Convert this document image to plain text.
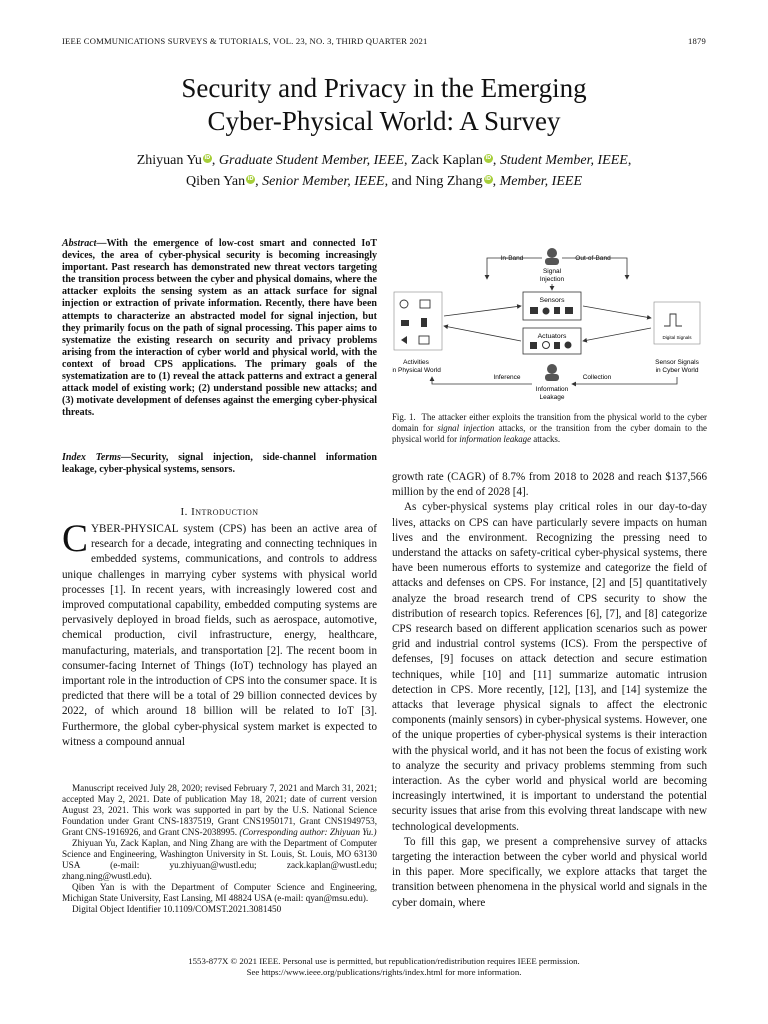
IEEE COMMUNICATIONS SURVEYS & TUTORIALS, VOL. 23, NO. 3, THIRD QUARTER 2021	1879
Security and Privacy in the Emerging
Cyber-Physical World: A Survey
Zhiyuan Yu iD , Graduate Student Member, IEEE, Zack Kaplan iD , Student Member, IEEE,
Qiben Yan iD , Senior Member, IEEE, and Ning Zhang iD , Member, IEEE
Abstract—With the emergence of low-cost smart and connected IoT devices, the area of cyber-physical security is becoming increasingly important. Past research has demonstrated new threat vectors targeting the transition process between the cyber and physical domains, where the attacker exploits the sensing system as an attack surface for signal injection or extraction of private information. Recently, there have been attempts to characterize an abstracted model for signal injection, but they primarily focus on the path of signal processing. This paper aims to systematize the existing research on security and privacy problems arising from the interaction of cyber world and physical world, with the context of broad CPS applications. The primary goals of the systematization are to (1) reveal the attack patterns and extract a general attack model of existing work; (2) understand possible new attacks; and (3) motivate development of defenses against the emerging cyber-physical threats.
Index Terms—Security, signal injection, side-channel information leakage, cyber-physical systems, sensors.
I. Introduction

CYBER-PHYSICAL system (CPS) has been an active area of research for a decade, integrating and connecting techniques in embedded systems, communications, and controls to address unique challenges in marrying cyber systems with physical world processes [1]. In recent years, with increasingly lowered cost and improved computational capability, embedded computing systems are pervasively deployed in broad fields, such as aerospace, automotive, chemical production, civil infrastructure, energy, healthcare, manufacturing, materials, and transportation [2]. The recent boom in consumer-facing Internet of Things (IoT) technology has played an important role in the introduction of CPS into the consumer space. It is predicted that there will be a total of 29 billion connected devices by 2022, of which around 18 billion will be related to IoT [3]. Furthermore, the global cyber-physical system market is expected to witness a compound annual

Manuscript received July 28, 2020; revised February 7, 2021 and March 31, 2021; accepted May 2, 2021. Date of publication May 18, 2021; date of current version August 23, 2021. This work was supported in part by the U.S. National Science Foundation under Grant CNS-1837519, Grant CNS1950171, Grant CNS1949753, Grant CNS-1916926, and Grant CNS-2038995. (Corresponding author: Zhiyuan Yu.)

Zhiyuan Yu, Zack Kaplan, and Ning Zhang are with the Department of Computer Science and Engineering, Washington University in St. Louis, St. Louis, MO 63130 USA (e-mail: yu.zhiyuan@wustl.edu; zack.kaplan@wustl.edu; zhang.ning@wustl.edu).

Qiben Yan is with the Department of Computer Science and Engineering, Michigan State University, East Lansing, MI 48824 USA (e-mail: qyan@msu.edu).

Digital Object Identifier 10.1109/COMST.2021.3081450

In-Band	Out-of-Band
Signal
Injection
Activities
in Physical World
Sensors
Actuators	Digital Signals
Sensor Signals
in Cyber World
Inference	Collection
Information
Leakage
Fig. 1. The attacker either exploits the transition from the physical world to the cyber domain for signal injection attacks, or the transition from the cyber domain to the physical world for information leakage attacks.

growth rate (CAGR) of 8.7% from 2018 to 2028 and reach $137,566 million by the end of 2028 [4].

As cyber-physical systems play critical roles in our day-to-day lives, attacks on CPS can have particularly severe impacts on human lives and the environment. Recognizing the pressing need to understand the attacks on safety-critical cyber-physical systems, there have been numerous efforts to systemize and categorize the field of attacks and defenses on CPS. For instance, [2] and [5] quantitatively analyze the broad research trend of CPS security to show the distribution of research topics. References [6], [7], and [8] categorize CPS research based on different application scenarios such as power grid and industrial control systems (ICS). From the perspective of defenses, [9] focuses on attack detection and secure estimation techniques, while [10] and [11] summarize automatic intrusion detection in CPS. More recently, [12], [13], and [14] systemize the attacks that leverage physical signals to affect the electronic components (mainly sensors) in cyber-physical systems. However, one of the unique properties of cyber-physical systems is their interaction with the physical world, and it has not been the focus of existing work to analyze the security and privacy problems stemming from such interaction. As the cyber world and physical world are becoming increasingly intertwined, it is important to understand the potential security issues that arise from this evolving threat landscape with new technological developments.

To fill this gap, we present a comprehensive survey of attacks targeting the interaction between the cyber world and physical world in this paper. More specifically, we explore attacks that target the transition between phenomena in the physical world and signals in the cyber domain, where

1553-877X © 2021 IEEE. Personal use is permitted, but republication/redistribution requires IEEE permission.
See https://www.ieee.org/publications/rights/index.html for more information.
